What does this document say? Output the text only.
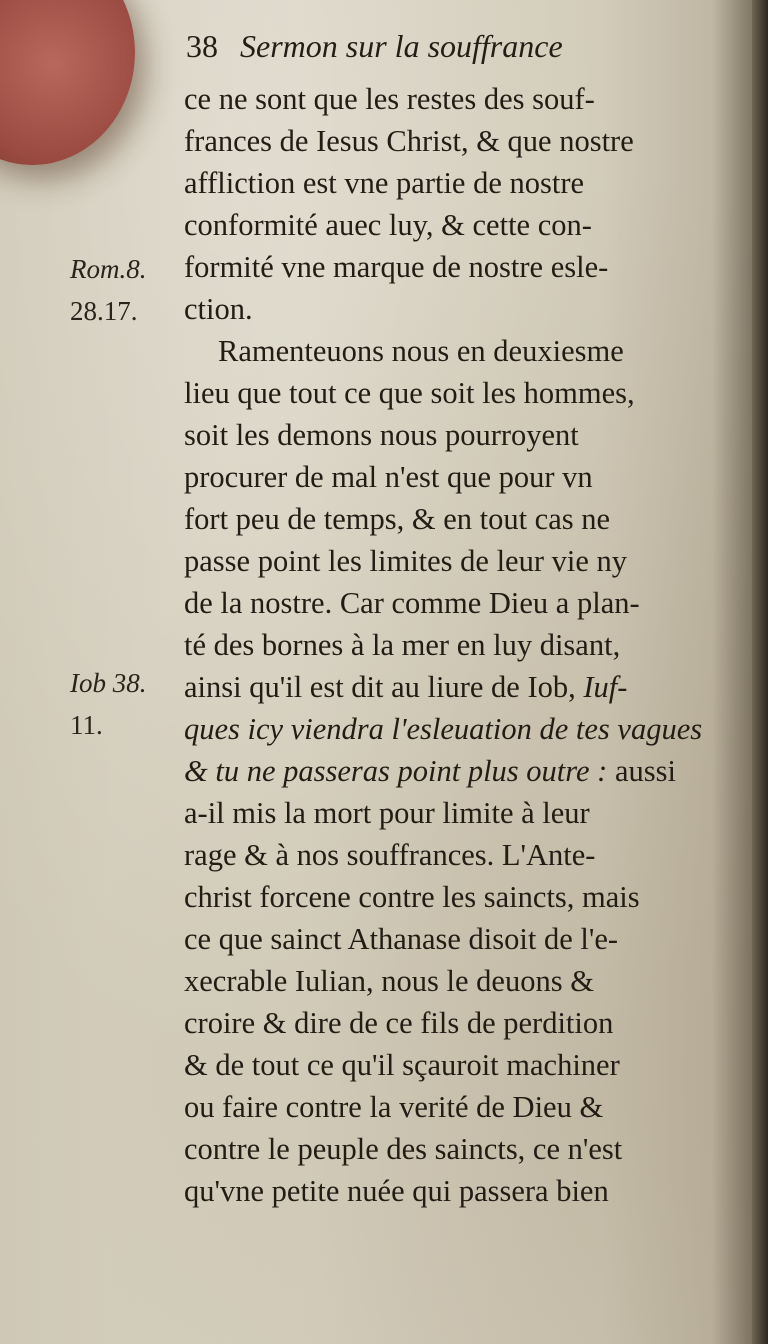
38 Sermon sur la souffrance
Rom.8.
28.17.
Iob 38.
11.
ce ne sont que les restes des souf-
frances de Iesus Christ, & que nostre
affliction est vne partie de nostre
conformité auec luy, & cette con-
formité vne marque de nostre esle-
ction.
Ramenteuons nous en deuxiesme
lieu que tout ce que soit les hommes,
soit les demons nous pourroyent
procurer de mal n'est que pour vn
fort peu de temps, & en tout cas ne
passe point les limites de leur vie ny
de la nostre. Car comme Dieu a plan-
té des bornes à la mer en luy disant,
ainsi qu'il est dit au liure de Iob, Iuf-
ques icy viendra l'esleuation de tes vagues
& tu ne passeras point plus outre : aussi
a-il mis la mort pour limite à leur
rage & à nos souffrances. L'Ante-
christ forcene contre les saincts, mais
ce que sainct Athanase disoit de l'e-
xecrable Iulian, nous le deuons &
croire & dire de ce fils de perdition
& de tout ce qu'il sçauroit machiner
ou faire contre la verité de Dieu &
contre le peuple des saincts, ce n'est
qu'vne petite nuée qui passera bien
